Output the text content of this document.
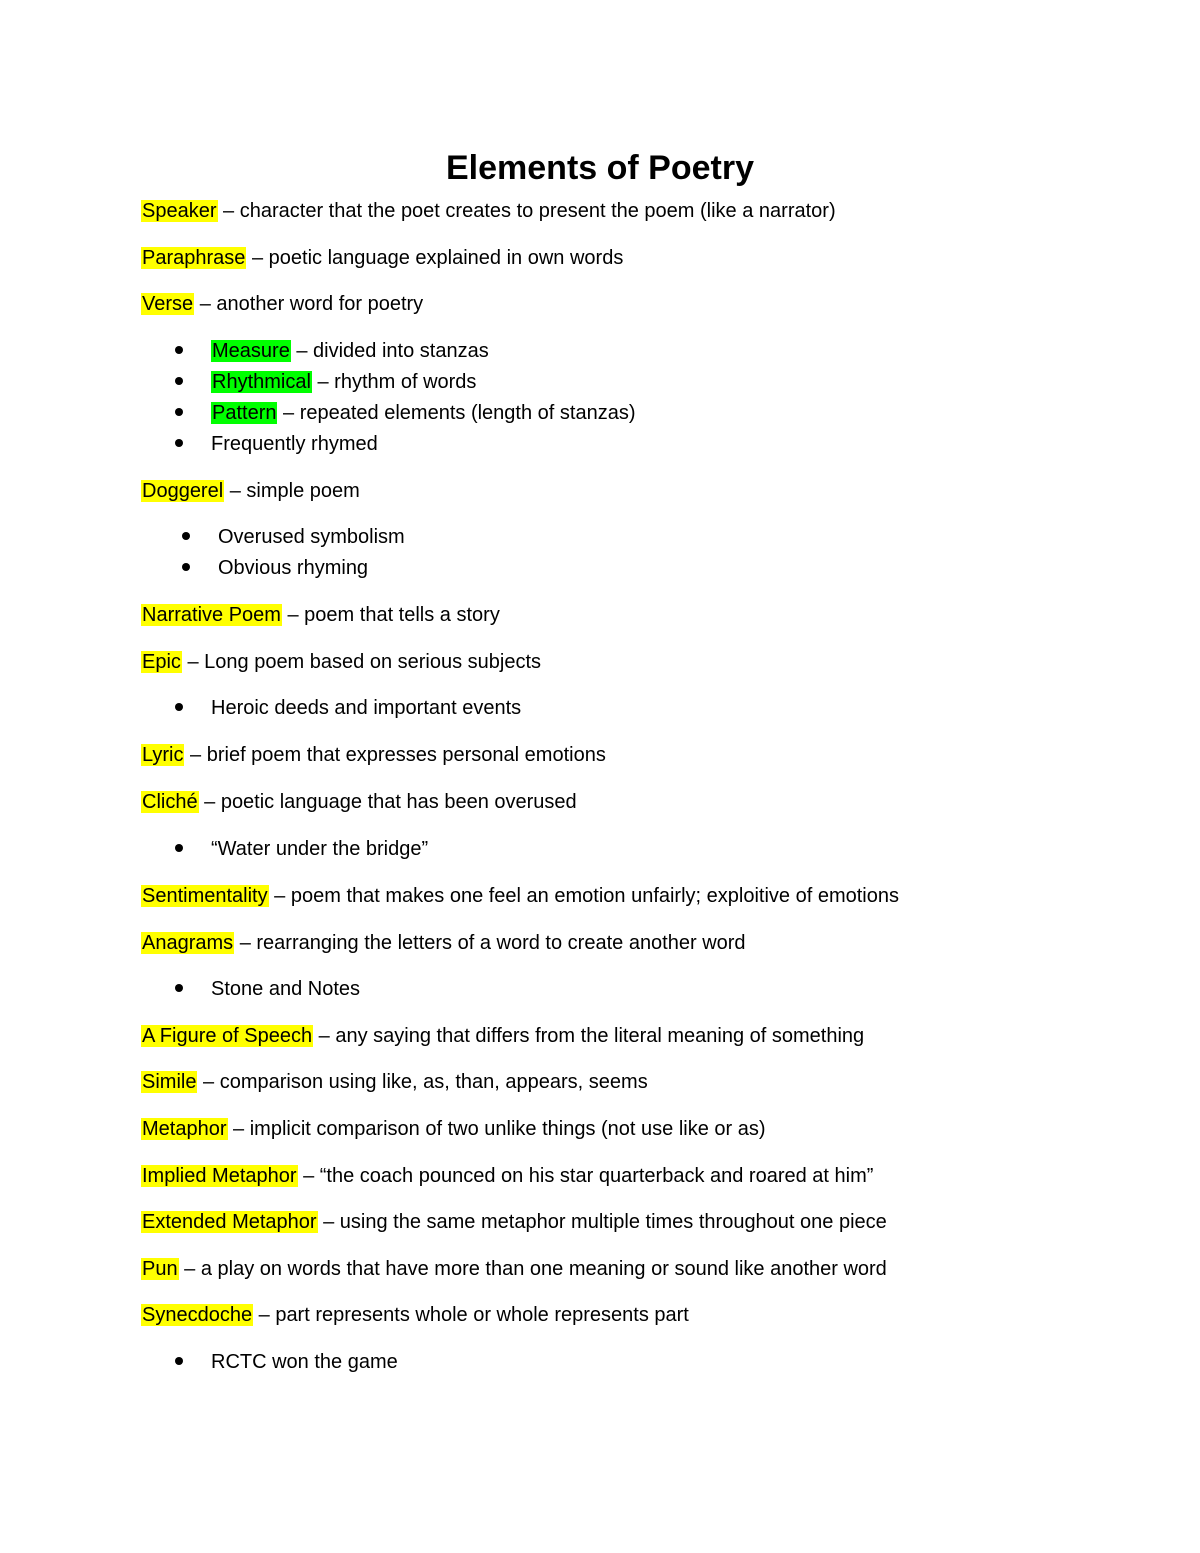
Elements of Poetry
Speaker – character that the poet creates to present the poem (like a narrator)
Paraphrase – poetic language explained in own words
Verse – another word for poetry
Measure – divided into stanzas
Rhythmical – rhythm of words
Pattern – repeated elements (length of stanzas)
Frequently rhymed
Doggerel – simple poem
Overused symbolism
Obvious rhyming
Narrative Poem – poem that tells a story
Epic – Long poem based on serious subjects
Heroic deeds and important events
Lyric – brief poem that expresses personal emotions
Cliché – poetic language that has been overused
“Water under the bridge”
Sentimentality – poem that makes one feel an emotion unfairly; exploitive of emotions
Anagrams – rearranging the letters of a word to create another word
Stone and Notes
A Figure of Speech – any saying that differs from the literal meaning of something
Simile – comparison using like, as, than, appears, seems
Metaphor – implicit comparison of two unlike things (not use like or as)
Implied Metaphor – “the coach pounced on his star quarterback and roared at him”
Extended Metaphor – using the same metaphor multiple times throughout one piece
Pun – a play on words that have more than one meaning or sound like another word
Synecdoche – part represents whole or whole represents part
RCTC won the game
